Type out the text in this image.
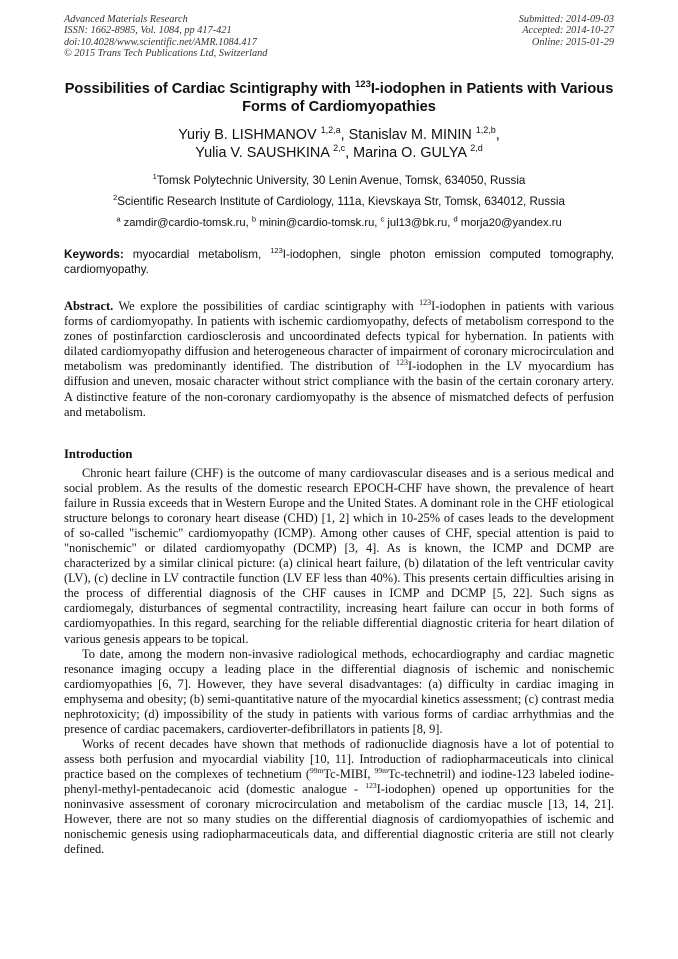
Advanced Materials Research
ISSN: 1662-8985, Vol. 1084, pp 417-421
doi:10.4028/www.scientific.net/AMR.1084.417
© 2015 Trans Tech Publications Ltd, Switzerland
Submitted: 2014-09-03
Accepted: 2014-10-27
Online: 2015-01-29
Possibilities of Cardiac Scintigraphy with $^{123}$I-iodophen in Patients with Various Forms of Cardiomyopathies
Yuriy B. LISHMANOV $^{1,2,a}$, Stanislav M. MININ $^{1,2,b}$,
Yulia V. SAUSHKINA $^{2,c}$, Marina O. GULYA $^{2,d}$
$^1$Tomsk Polytechnic University, 30 Lenin Avenue, Tomsk, 634050, Russia
$^2$Scientific Research Institute of Cardiology, 111a, Kievskaya Str, Tomsk, 634012, Russia
$^a$ zamdir@cardio-tomsk.ru, $^b$ minin@cardio-tomsk.ru, $^c$ jul13@bk.ru, $^d$ morja20@yandex.ru
Keywords: myocardial metabolism, $^{123}$I-iodophen, single photon emission computed tomography, cardiomyopathy.
Abstract. We explore the possibilities of cardiac scintigraphy with $^{123}$I-iodophen in patients with various forms of cardiomyopathy. In patients with ischemic cardiomyopathy, defects of metabolism correspond to the zones of postinfarction cardiosclerosis and uncoordinated defects typical for hybernation. In patients with dilated cardiomyopathy diffusion and heterogeneous character of impairment of coronary microcirculation and metabolism was predominantly identified. The distribution of $^{123}$I-iodophen in the LV myocardium has diffusion and uneven, mosaic character without strict compliance with the basin of the certain coronary artery. A distinctive feature of the non-coronary cardiomyopathy is the absence of mismatched defects of perfusion and metabolism.
Introduction

Chronic heart failure (CHF) is the outcome of many cardiovascular diseases and is a serious medical and social problem. As the results of the domestic research EPOCH-CHF have shown, the prevalence of heart failure in Russia exceeds that in Western Europe and the United States. A dominant role in the CHF etiological structure belongs to coronary heart disease (CHD) [1, 2] which in 10-25% of cases leads to the development of so-called "ischemic" cardiomyopathy (ICMP). Among other causes of CHF, special attention is paid to "nonischemic" or dilated cardiomyopathy (DCMP) [3, 4]. As is known, the ICMP and DCMP are characterized by a similar clinical picture: (a) clinical heart failure, (b) dilatation of the left ventricular cavity (LV), (c) decline in LV contractile function (LV EF less than 40%). This presents certain difficulties arising in the process of differential diagnosis of the CHF causes in ICMP and DCMP [5, 22]. Such signs as cardiomegaly, disturbances of segmental contractility, increasing heart failure can occur in both forms of cardiomyopathies. In this regard, searching for the reliable differential diagnostic criteria for heart dilation of various genesis appears to be topical.

To date, among the modern non-invasive radiological methods, echocardiography and cardiac magnetic resonance imaging occupy a leading place in the differential diagnosis of ischemic and nonischemic cardiomyopathies [6, 7]. However, they have several disadvantages: (a) difficulty in cardiac imaging in emphysema and obesity; (b) semi-quantitative nature of the myocardial kinetics assessment; (c) contrast media nephrotoxicity; (d) impossibility of the study in patients with various forms of cardiac arrhythmias and the presence of cardiac pacemakers, cardioverter-defibrillators in patients [8, 9].

Works of recent decades have shown that methods of radionuclide diagnosis have a lot of potential to assess both perfusion and myocardial viability [10, 11]. Introduction of radiopharmaceuticals into clinical practice based on the complexes of technetium ($^{99m}$Tc-MIBI, $^{99m}$Tc-technetril) and iodine-123 labeled iodine-phenyl-methyl-pentadecanoic acid (domestic analogue - $^{123}$I-iodophen) opened up opportunities for the noninvasive assessment of coronary microcirculation and metabolism of the cardiac muscle [13, 14, 21]. However, there are not so many studies on the differential diagnosis of cardiomyopathies of ischemic and nonischemic genesis using radiopharmaceuticals data, and differential diagnostic criteria are still not clearly defined.
